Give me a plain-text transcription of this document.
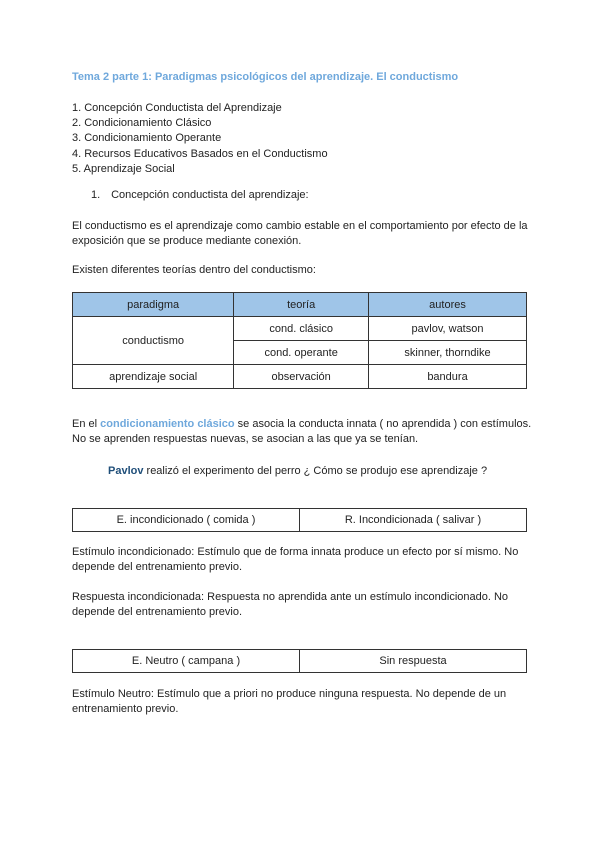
Tema 2 parte 1: Paradigmas psicológicos del aprendizaje. El conductismo
1. Concepción Conductista del Aprendizaje
2. Condicionamiento Clásico
3. Condicionamiento Operante
4. Recursos Educativos Basados en el Conductismo
5. Aprendizaje Social
1. Concepción conductista del aprendizaje:
El conductismo es el aprendizaje como cambio estable en el comportamiento por efecto de la exposición que se produce mediante conexión.
Existen diferentes teorías dentro del conductismo:
paradigma	teoría	autores
conductismo	cond. clásico	pavlov, watson
	cond. operante	skinner, thorndike
aprendizaje social	observación	bandura
En el condicionamiento clásico se asocia la conducta innata ( no aprendida ) con estímulos. No se aprenden respuestas nuevas, se asocian a las que ya se tenían.
Pavlov realizó el experimento del perro ¿ Cómo se produjo ese aprendizaje ?
E. incondicionado ( comida )	R. Incondicionada ( salivar )
Estímulo incondicionado: Estímulo que de forma innata produce un efecto por sí mismo. No depende del entrenamiento previo.
Respuesta incondicionada: Respuesta no aprendida ante un estímulo incondicionado. No depende del entrenamiento previo.
E. Neutro ( campana )	Sin respuesta
Estímulo Neutro: Estímulo que a priori no produce ninguna respuesta. No depende de un entrenamiento previo.
